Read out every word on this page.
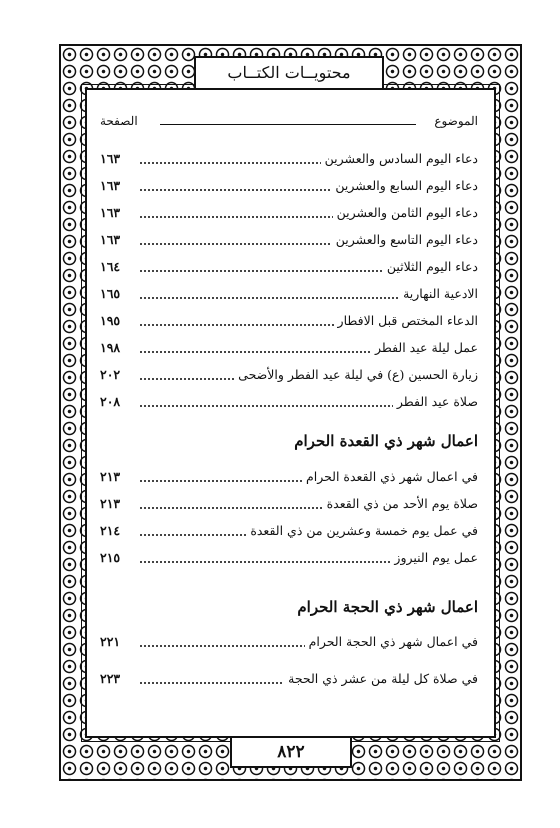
محتويــات الكتــاب
الموضوع
الصفحة
دعاء اليوم السادس والعشرين
١٦٣
دعاء اليوم السابع والعشرين
١٦٣
دعاء اليوم الثامن والعشرين
١٦٣
دعاء اليوم التاسع والعشرين
١٦٣
دعاء اليوم الثلاثين
١٦٤
الادعية النهارية
١٦٥
الدعاء المختص قبل الافطار
١٩٥
عمل ليلة عيد الفطر
١٩٨
زيارة الحسين (ع) في ليلة عيد الفطر والأضحى
٢٠٢
صلاة عيد الفطر
٢٠٨
اعمال شهر ذي القعدة الحرام
في اعمال شهر ذي القعدة الحرام
٢١٣
صلاة يوم الأحد من ذي القعدة
٢١٣
في عمل يوم خمسة وعشرين من ذي القعدة
٢١٤
عمل يوم النيروز
٢١٥
اعمال شهر ذي الحجة الحرام
في اعمال شهر ذي الحجة الحرام
٢٢١
في صلاة كل ليلة من عشر ذي الحجة
٢٢٣
٨٢٢
